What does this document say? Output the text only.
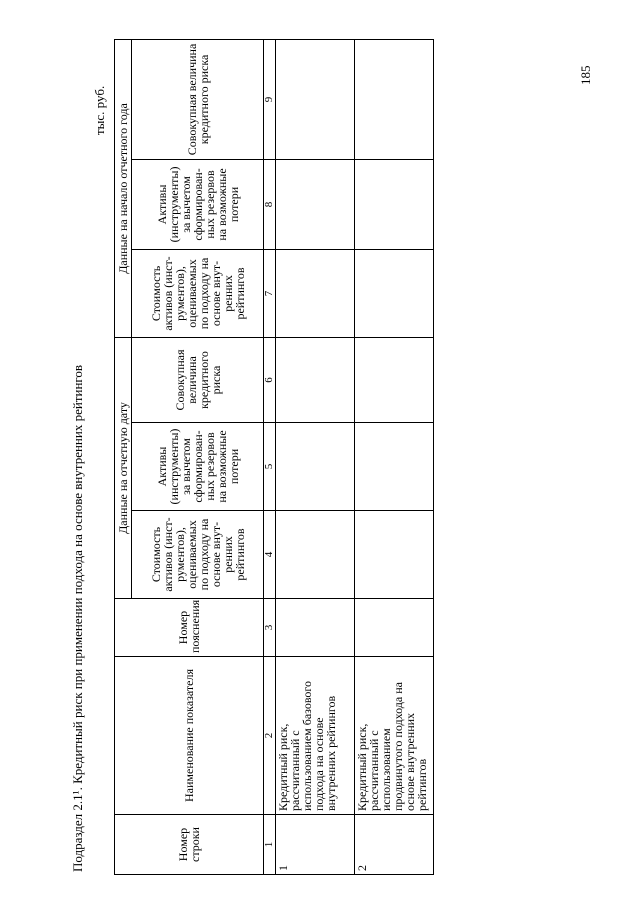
Подраздел 2.1¹. Кредитный риск при применении подхода на основе внутренних рейтингов
тыс. руб.
185
Номер строки	Наименование показателя	Номер пояснения	Данные на отчетную дату			Данные на начало отчетного года		
			Стоимость активов (инст-рументов), оцениваемых по подходу на основе внут-ренних рейтингов	Активы (инструменты) за вычетом сформирован-ных резервов на возможные потери	Совокупная величина кредитного риска	Стоимость активов (инст-рументов), оцениваемых по подходу на основе внут-ренних рейтингов	Активы (инструменты) за вычетом сформирован-ных резервов на возможные потери	Совокупная величина кредитного риска
1	2	3	4	5	6	7	8	9
1	Кредитный риск, рассчитанный с использованием базового подхода на основе внутренних рейтингов							
2	Кредитный риск, рассчитанный с использованием продвинутого подхода на основе внутренних рейтингов							
